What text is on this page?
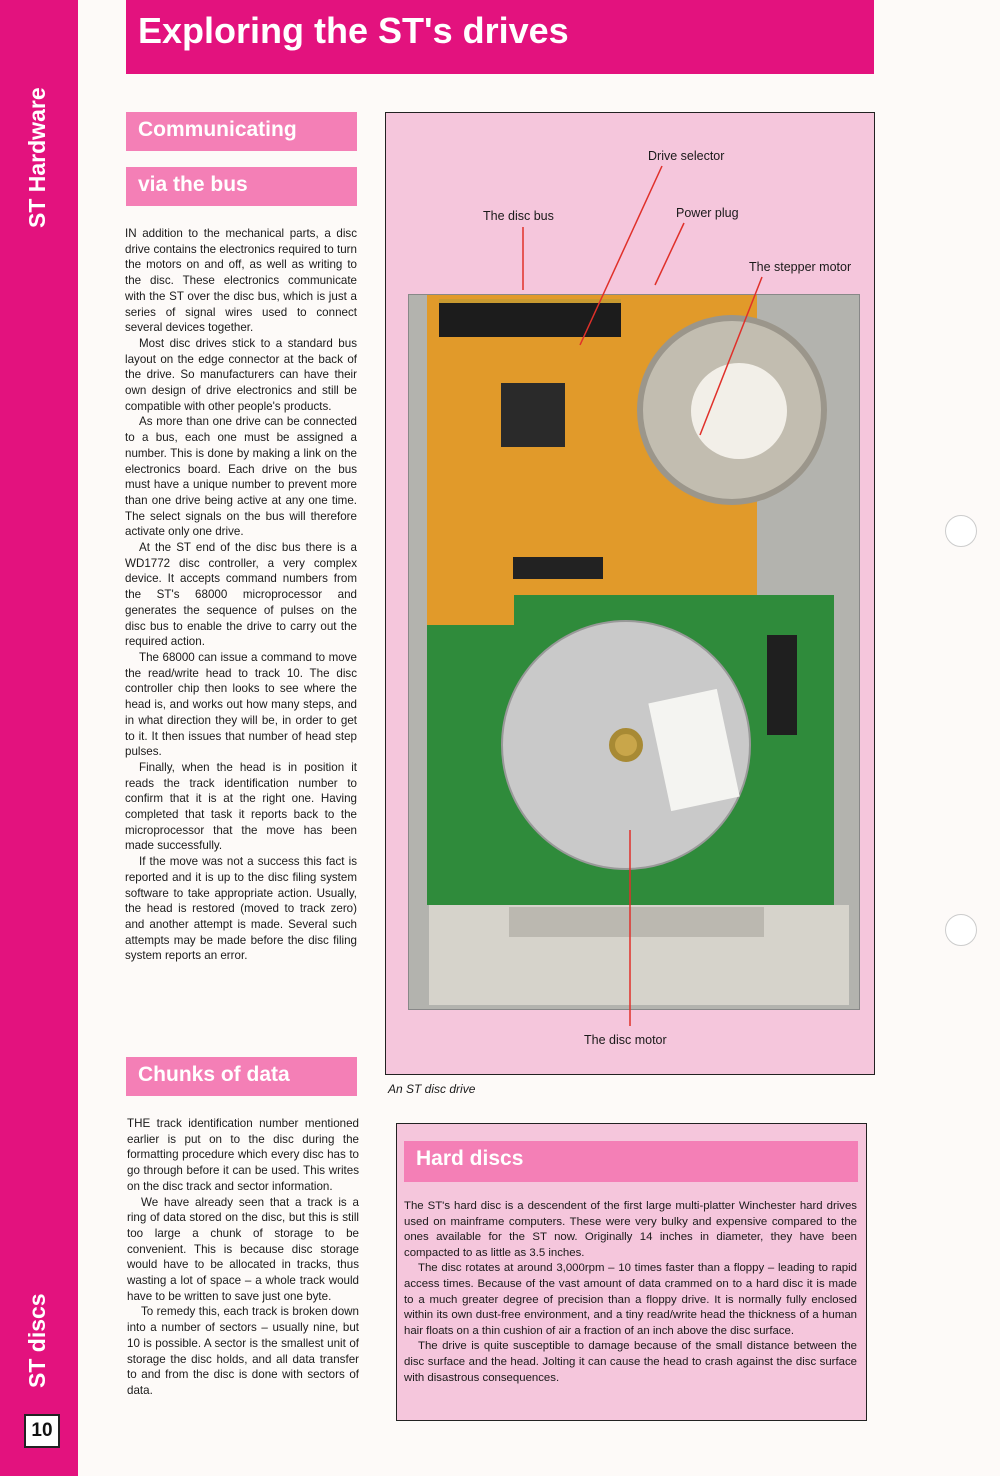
ST Hardware
ST discs
10
Exploring the ST's drives
Communicating
via the bus

IN addition to the mechanical parts, a disc drive contains the electronics required to turn the motors on and off, as well as writing to the disc. These electronics communicate with the ST over the disc bus, which is just a series of signal wires used to connect several devices together.

Most disc drives stick to a standard bus layout on the edge connector at the back of the drive. So manufacturers can have their own design of drive electronics and still be compatible with other people's products.

As more than one drive can be connected to a bus, each one must be assigned a number. This is done by making a link on the electronics board. Each drive on the bus must have a unique number to prevent more than one drive being active at any one time. The select signals on the bus will therefore activate only one drive.

At the ST end of the disc bus there is a WD1772 disc controller, a very complex device. It accepts command numbers from the ST's 68000 microprocessor and generates the sequence of pulses on the disc bus to enable the drive to carry out the required action.

The 68000 can issue a command to move the read/write head to track 10. The disc controller chip then looks to see where the head is, and works out how many steps, and in what direction they will be, in order to get to it. It then issues that number of head step pulses.

Finally, when the head is in position it reads the track identification number to confirm that it is at the right one. Having completed that task it reports back to the microprocessor that the move has been made successfully.

If the move was not a success this fact is reported and it is up to the disc filing system software to take appropriate action. Usually, the head is restored (moved to track zero) and another attempt is made. Several such attempts may be made before the disc filing system reports an error.

Chunks of data

THE track identification number mentioned earlier is put on to the disc during the formatting procedure which every disc has to go through before it can be used. This writes on the disc track and sector information.

We have already seen that a track is a ring of data stored on the disc, but this is still too large a chunk of storage to be convenient. This is because disc storage would have to be allocated in tracks, thus wasting a lot of space – a whole track would have to be written to save just one byte.

To remedy this, each track is broken down into a number of sectors – usually nine, but 10 is possible. A sector is the smallest unit of storage the disc holds, and all data transfer to and from the disc is done with sectors of data.

Drive selector
The disc bus	Power plug
The stepper motor
The disc motor
An ST disc drive
Hard discs

The ST's hard disc is a descendent of the first large multi-platter Winchester hard drives used on mainframe computers. These were very bulky and expensive compared to the ones available for the ST now. Originally 14 inches in diameter, they have been compacted to as little as 3.5 inches.

The disc rotates at around 3,000rpm – 10 times faster than a floppy – leading to rapid access times. Because of the vast amount of data crammed on to a hard disc it is made to a much greater degree of precision than a floppy drive. It is normally fully enclosed within its own dust-free environment, and a tiny read/write head the thickness of a human hair floats on a thin cushion of air a fraction of an inch above the disc surface.

The drive is quite susceptible to damage because of the small distance between the disc surface and the head. Jolting it can cause the head to crash against the disc surface with disastrous consequences.
